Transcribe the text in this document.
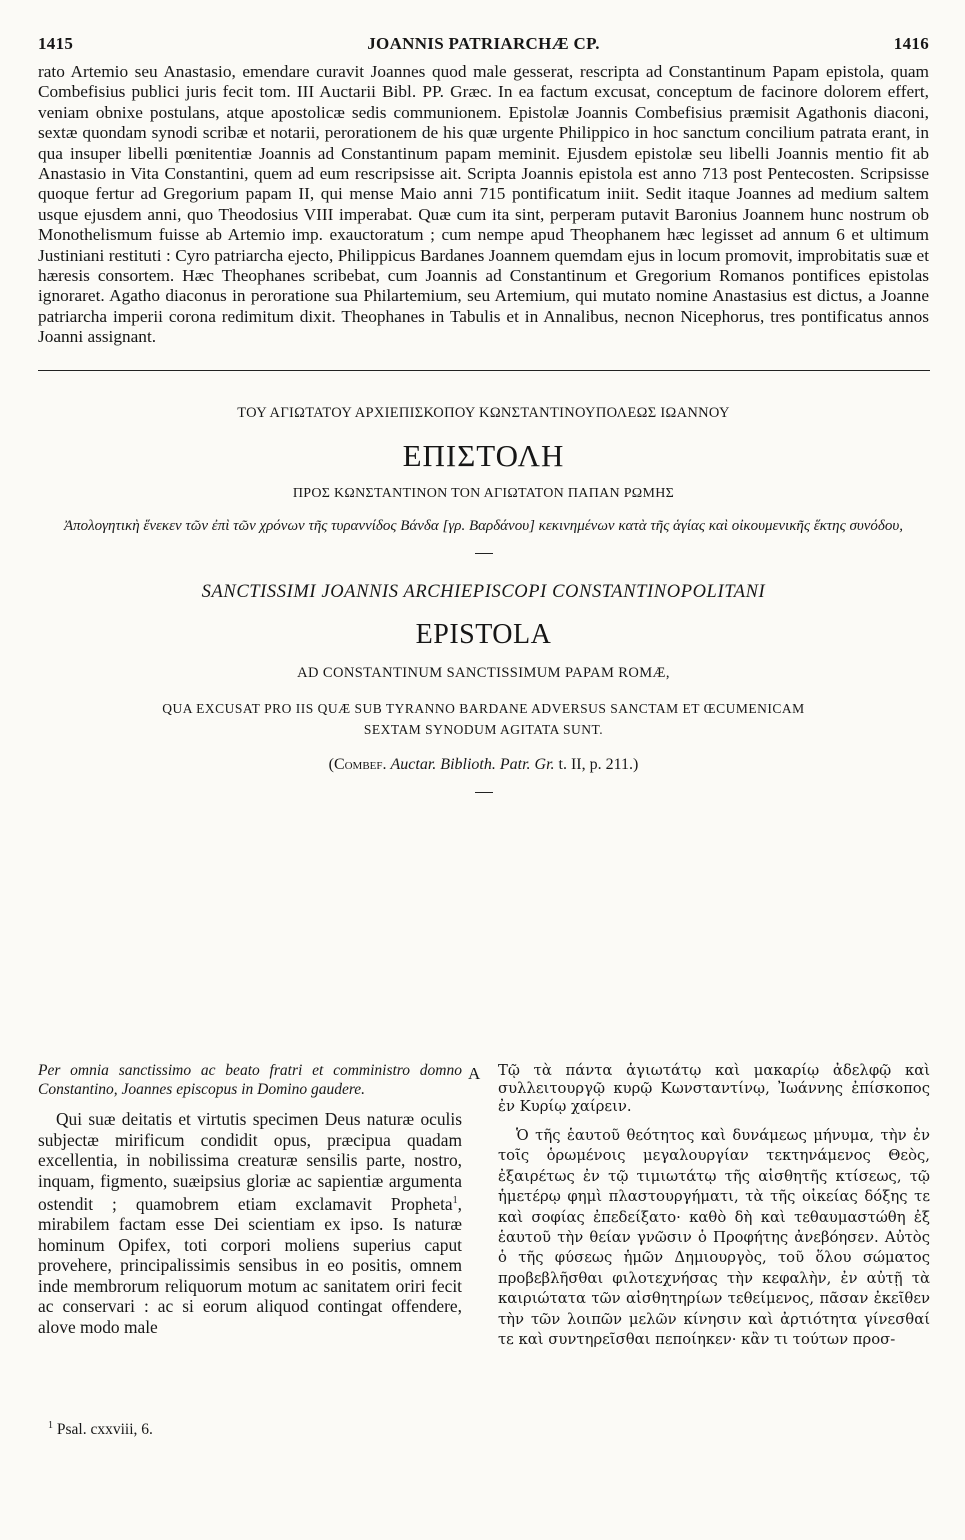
1415	JOANNIS PATRIARCHÆ CP.	1416

rato Artemio seu Anastasio, emendare curavit Joannes quod male gesserat, rescripta ad Constantinum Papam epistola, quam Combefisius publici juris fecit tom. III Auctarii Bibl. PP. Græc. In ea factum excusat, conceptum de facinore dolorem effert, veniam obnixe postulans, atque apostolicæ sedis communionem. Epistolæ Joannis Combefisius præmisit Agathonis diaconi, sextæ quondam synodi scribæ et notarii, perorationem de his quæ urgente Philippico in hoc sanctum concilium patrata erant, in qua insuper libelli pœnitentiæ Joannis ad Constantinum papam meminit. Ejusdem epistolæ seu libelli Joannis mentio fit ab Anastasio in Vita Constantini, quem ad eum rescripsisse ait. Scripta Joannis epistola est anno 713 post Pentecosten. Scripsisse quoque fertur ad Gregorium papam II, qui mense Maio anni 715 pontificatum iniit. Sedit itaque Joannes ad medium saltem usque ejusdem anni, quo Theodosius VIII imperabat. Quæ cum ita sint, perperam putavit Baronius Joannem hunc nostrum ob Monothelismum fuisse ab Artemio imp. exauctoratum ; cum nempe apud Theophanem hæc legisset ad annum 6 et ultimum Justiniani restituti : Cyro patriarcha ejecto, Philippicus Bardanes Joannem quemdam ejus in locum promovit, improbitatis suæ et hæresis consortem. Hæc Theophanes scribebat, cum Joannis ad Constantinum et Gregorium Romanos pontifices epistolas ignoraret. Agatho diaconus in peroratione sua Philartemium, seu Artemium, qui mutato nomine Anastasius est dictus, a Joanne patriarcha imperii corona redimitum dixit. Theophanes in Tabulis et in Annalibus, necnon Nicephorus, tres pontificatus annos Joanni assignant.

ΤΟΥ ΑΓΙΩΤΑΤΟΥ ΑΡΧΙΕΠΙΣΚΟΠΟΥ ΚΩΝΣΤΑΝΤΙΝΟΥΠΟΛΕΩΣ ΙΩΑΝΝΟΥ
ΕΠΙΣΤΟΛΗ
ΠΡΟΣ ΚΩΝΣΤΑΝΤΙΝΟΝ ΤΟΝ ΑΓΙΩΤΑΤΟΝ ΠΑΠΑΝ ΡΩΜΗΣ
Ἀπολογητικὴ ἕνεκεν τῶν ἐπὶ τῶν χρόνων τῆς τυραννίδος Βάνδα [γρ. Βαρδάνου] κεκινημένων κατὰ τῆς ἁγίας καὶ οἰκουμενικῆς ἕκτης συνόδου,
SANCTISSIMI JOANNIS ARCHIEPISCOPI CONSTANTINOPOLITANI
EPISTOLA
AD CONSTANTINUM SANCTISSIMUM PAPAM ROMÆ,
QUA EXCUSAT PRO IIS QUÆ SUB TYRANNO BARDANE ADVERSUS SANCTAM ET ŒCUMENICAM
SEXTAM SYNODUM AGITATA SUNT.
(Combef. Auctar. Biblioth. Patr. Gr. t. II, p. 211.)

Per omnia sanctissimo ac beato fratri et comministro domno Constantino, Joannes episcopus in Domino gaudere.

Qui suæ deitatis et virtutis specimen Deus naturæ oculis subjectæ mirificum condidit opus, præcipua quadam excellentia, in nobilissima creaturæ sensilis parte, nostro, inquam, figmento, suæipsius gloriæ ac sapientiæ argumenta ostendit ; quamobrem etiam exclamavit Propheta$^1$, mirabilem factam esse Dei scientiam ex ipso. Is naturæ hominum Opifex, toti corpori moliens superius caput provehere, principalissimis sensibus in eo positis, omnem inde membrorum reliquorum motum ac sanitatem oriri fecit ac conservari : ac si eorum aliquod contingat offendere, alove modo male

A Τῷ τὰ πάντα ἁγιωτάτῳ καὶ μακαρίῳ ἀδελφῷ καὶ συλλειτουργῷ κυρῷ Κωνσταντίνῳ, Ἰωάννης ἐπίσκοπος ἐν Κυρίῳ χαίρειν.

Ὁ τῆς ἑαυτοῦ θεότητος καὶ δυνάμεως μήνυμα, τὴν ἐν τοῖς ὁρωμένοις μεγαλουργίαν τεκτηνάμενος Θεὸς, ἐξαιρέτως ἐν τῷ τιμιωτάτῳ τῆς αἰσθητῆς κτίσεως, τῷ ἡμετέρῳ φημὶ πλαστουργήματι, τὰ τῆς οἰκείας δόξης τε καὶ σοφίας ἐπεδείξατο· καθὸ δὴ καὶ τεθαυμαστώθη ἐξ ἑαυτοῦ τὴν θείαν γνῶσιν ὁ Προφήτης ἀνεβόησεν. Αὐτὸς ὁ τῆς φύσεως ἡμῶν Δημιουργὸς, τοῦ ὅλου σώματος προβεβλῆσθαι φιλοτεχνήσας τὴν κεφαλὴν, ἐν αὐτῇ τὰ καιριώτατα τῶν αἰσθητηρίων τεθείμενος, πᾶσαν ἐκεῖθεν τὴν τῶν λοιπῶν μελῶν κίνησιν καὶ ἀρτιότητα γίνεσθαί τε καὶ συντηρεῖσθαι πεποίηκεν· κἂν τι τούτων προσ-

$^1$ Psal. cxxviii, 6.
